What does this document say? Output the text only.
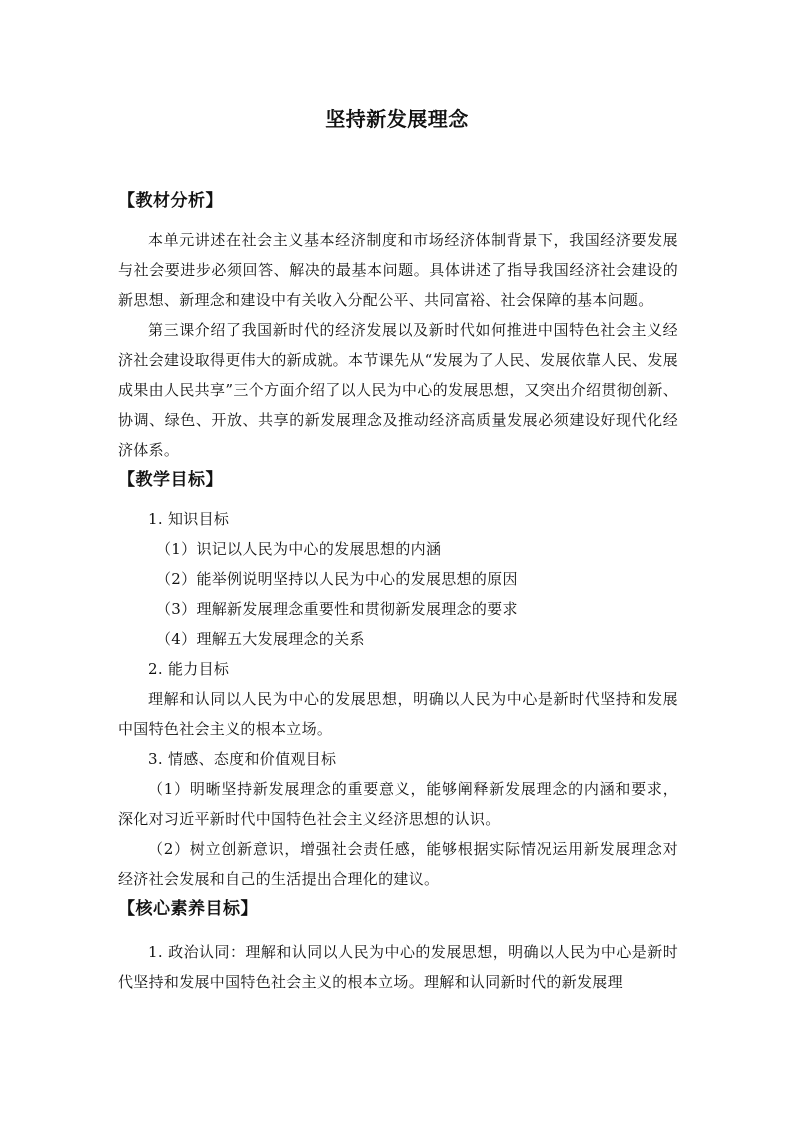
坚持新发展理念
【教材分析】

本单元讲述在社会主义基本经济制度和市场经济体制背景下，我国经济要发展与社会要进步必须回答、解决的最基本问题。具体讲述了指导我国经济社会建设的新思想、新理念和建设中有关收入分配公平、共同富裕、社会保障的基本问题。

第三课介绍了我国新时代的经济发展以及新时代如何推进中国特色社会主义经济社会建设取得更伟大的新成就。本节课先从“发展为了人民、发展依靠人民、发展成果由人民共享”三个方面介绍了以人民为中心的发展思想，又突出介绍贯彻创新、协调、绿色、开放、共享的新发展理念及推动经济高质量发展必须建设好现代化经济体系。

【教学目标】
1. 知识目标
（1）识记以人民为中心的发展思想的内涵
（2）能举例说明坚持以人民为中心的发展思想的原因
（3）理解新发展理念重要性和贯彻新发展理念的要求
（4）理解五大发展理念的关系
2. 能力目标

理解和认同以人民为中心的发展思想，明确以人民为中心是新时代坚持和发展中国特色社会主义的根本立场。

3. 情感、态度和价值观目标

（1）明晰坚持新发展理念的重要意义，能够阐释新发展理念的内涵和要求，深化对习近平新时代中国特色社会主义经济思想的认识。

（2）树立创新意识，增强社会责任感，能够根据实际情况运用新发展理念对经济社会发展和自己的生活提出合理化的建议。

【核心素养目标】

1. 政治认同：理解和认同以人民为中心的发展思想，明确以人民为中心是新时代坚持和发展中国特色社会主义的根本立场。理解和认同新时代的新发展理
